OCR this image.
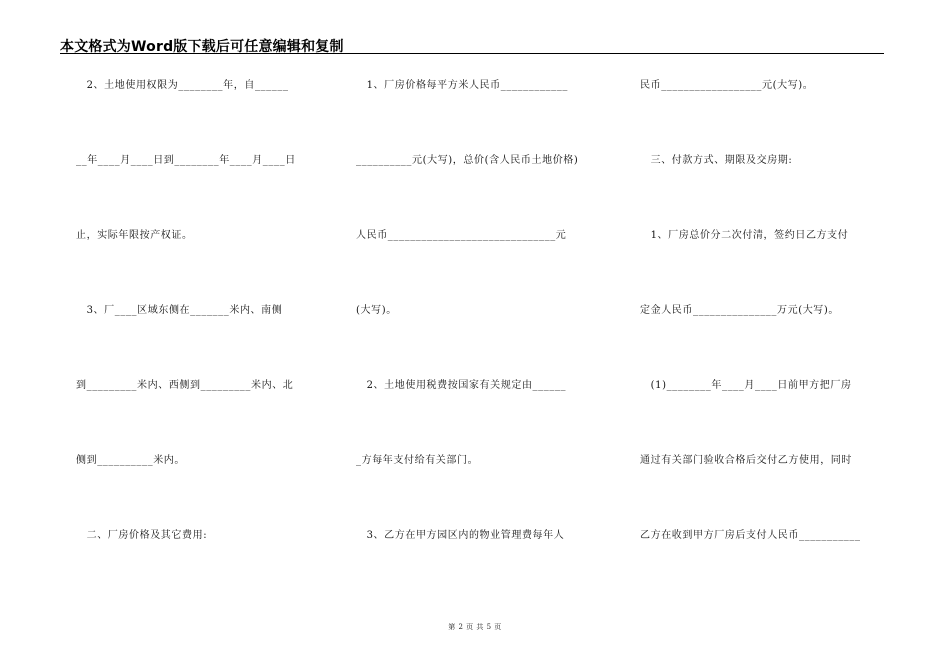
本文格式为Word版下载后可任意编辑和复制
　2、土地使用权限为________年，自______
__年____月____日到________年____月____日
止，实际年限按产权证。
　3、厂____区域东侧在_______米内、南侧
到_________米内、西侧到_________米内、北
侧到__________米内。
　二、厂房价格及其它费用:
　1、厂房价格每平方米人民币____________
__________元(大写)，总价(含人民币土地价格)
人民币______________________________元
(大写)。
　2、土地使用税费按国家有关规定由______
_方每年支付给有关部门。
　3、乙方在甲方园区内的物业管理费每年人
民币__________________元(大写)。
　三、付款方式、期限及交房期:
　1、厂房总价分二次付清，签约日乙方支付
定金人民币_______________万元(大写)。
　(1)________年____月____日前甲方把厂房
通过有关部门验收合格后交付乙方使用，同时
乙方在收到甲方厂房后支付人民币___________
第 2 页 共 5 页
